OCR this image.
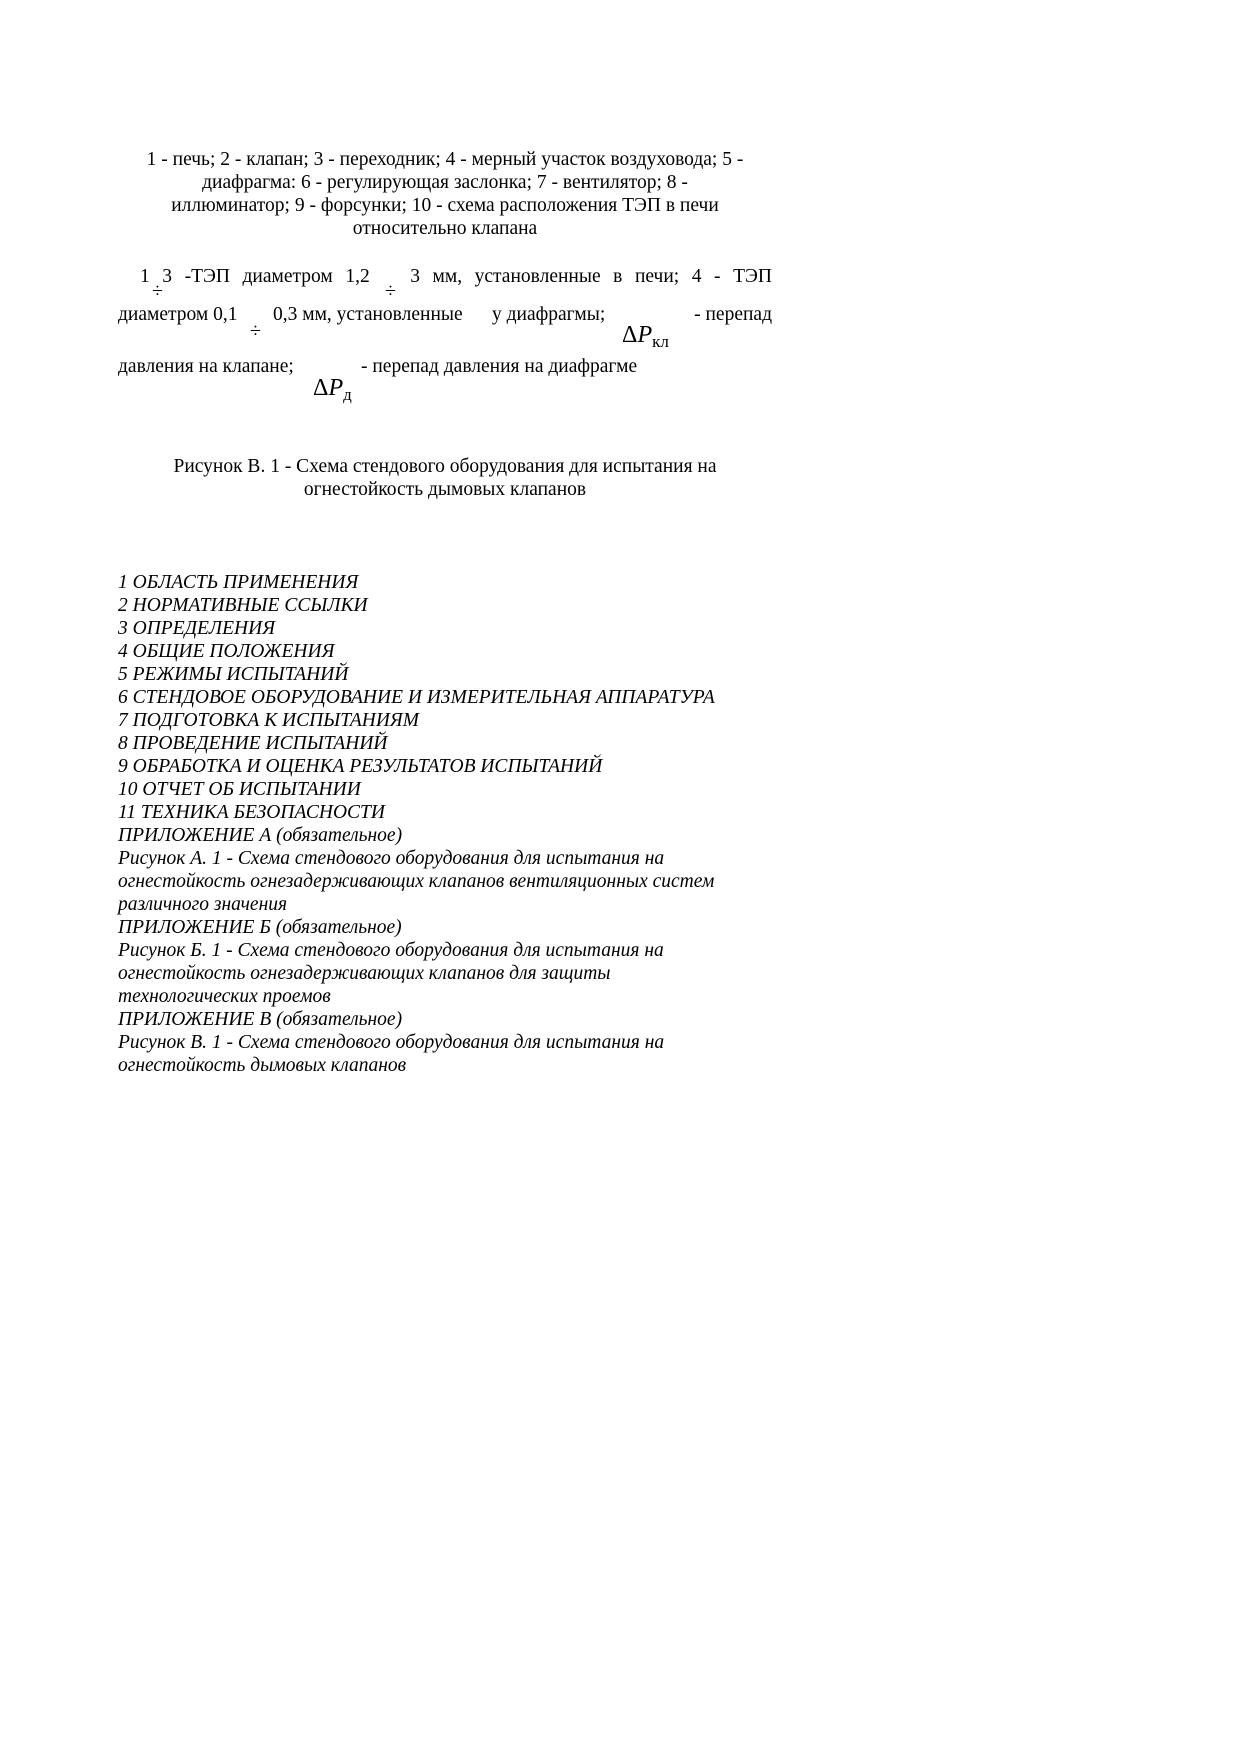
1 - печь; 2 - клапан; 3 - переходник; 4 - мерный участок воздуховода; 5 -
диафрагма: 6 - регулирующая заслонка; 7 - вентилятор; 8 -
иллюминатор; 9 - форсунки; 10 - схема расположения ТЭП в печи
относительно клапана
1 3 -ТЭП диаметром 1,2 3 мм, установленные в печи; 4 - ТЭП
÷	÷
÷
диаметром 0,1 0,3 мм, установленные у диафрагмы;	- перепад
$\Delta P_{кл}$
давления на клапане;	- перепад давления на диафрагме
$\Delta P_д$
Рисунок В. 1 - Схема стендового оборудования для испытания на
огнестойкость дымовых клапанов
1 ОБЛАСТЬ ПРИМЕНЕНИЯ
2 НОРМАТИВНЫЕ ССЫЛКИ
3 ОПРЕДЕЛЕНИЯ
4 ОБЩИЕ ПОЛОЖЕНИЯ
5 РЕЖИМЫ ИСПЫТАНИЙ
6 СТЕНДОВОЕ ОБОРУДОВАНИЕ И ИЗМЕРИТЕЛЬНАЯ АППАРАТУРА
7 ПОДГОТОВКА К ИСПЫТАНИЯМ
8 ПРОВЕДЕНИЕ ИСПЫТАНИЙ
9 ОБРАБОТКА И ОЦЕНКА РЕЗУЛЬТАТОВ ИСПЫТАНИЙ
10 ОТЧЕТ ОБ ИСПЫТАНИИ
11 ТЕХНИКА БЕЗОПАСНОСТИ
ПРИЛОЖЕНИЕ А (обязательное)
Рисунок А. 1 - Схема стендового оборудования для испытания на
огнестойкость огнезадерживающих клапанов вентиляционных систем
различного значения
ПРИЛОЖЕНИЕ Б (обязательное)
Рисунок Б. 1 - Схема стендового оборудования для испытания на
огнестойкость огнезадерживающих клапанов для защиты
технологических проемов
ПРИЛОЖЕНИЕ В (обязательное)
Рисунок В. 1 - Схема стендового оборудования для испытания на
огнестойкость дымовых клапанов
